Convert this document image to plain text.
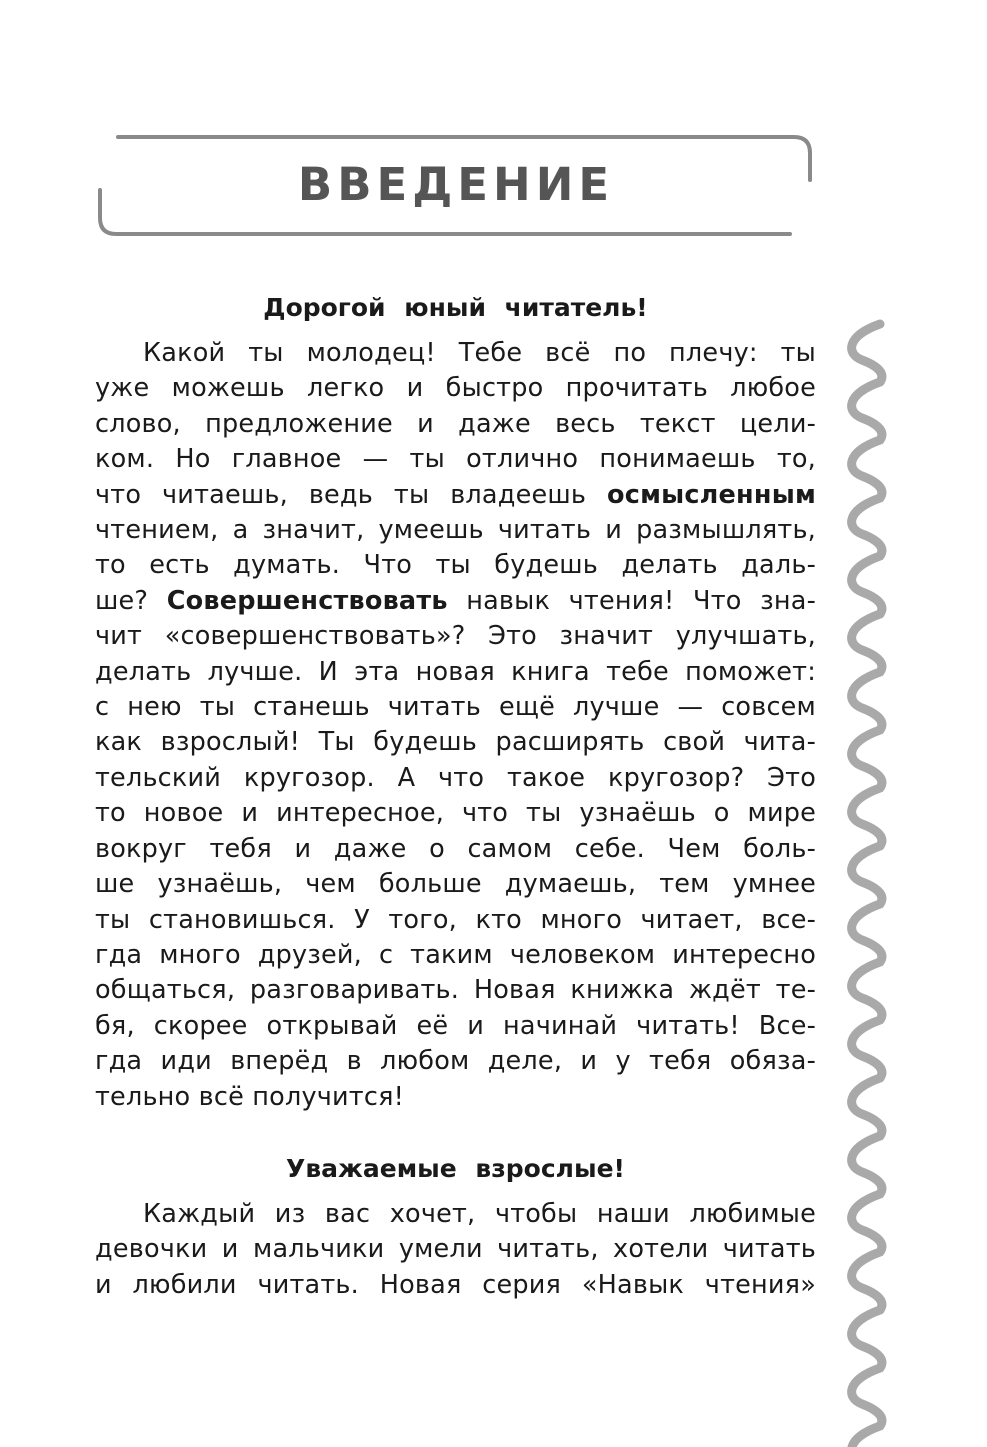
ВВЕДЕНИЕ
Дорогой юный читатель!

Какой ты молодец! Тебе всё по плечу: ты
уже можешь легко и быстро прочитать любое
слово, предложение и даже весь текст цели-
ком. Но главное — ты отлично понимаешь то,
что читаешь, ведь ты владеешь осмысленным
чтением, а значит, умеешь читать и размышлять,
то есть думать. Что ты будешь делать даль-
ше? Совершенствовать навык чтения! Что зна-
чит «совершенствовать»? Это значит улучшать,
делать лучше. И эта новая книга тебе поможет:
с нею ты станешь читать ещё лучше — совсем
как взрослый! Ты будешь расширять свой чита-
тельский кругозор. А что такое кругозор? Это
то новое и интересное, что ты узнаёшь о мире
вокруг тебя и даже о самом себе. Чем боль-
ше узнаёшь, чем больше думаешь, тем умнее
ты становишься. У того, кто много читает, все-
гда много друзей, с таким человеком интересно
общаться, разговаривать. Новая книжка ждёт те-
бя, скорее открывай её и начинай читать! Все-
гда иди вперёд в любом деле, и у тебя обяза-
тельно всё получится!

Уважаемые взрослые!

Каждый из вас хочет, чтобы наши любимые
девочки и мальчики умели читать, хотели читать
и любили читать. Новая серия «Навык чтения»
